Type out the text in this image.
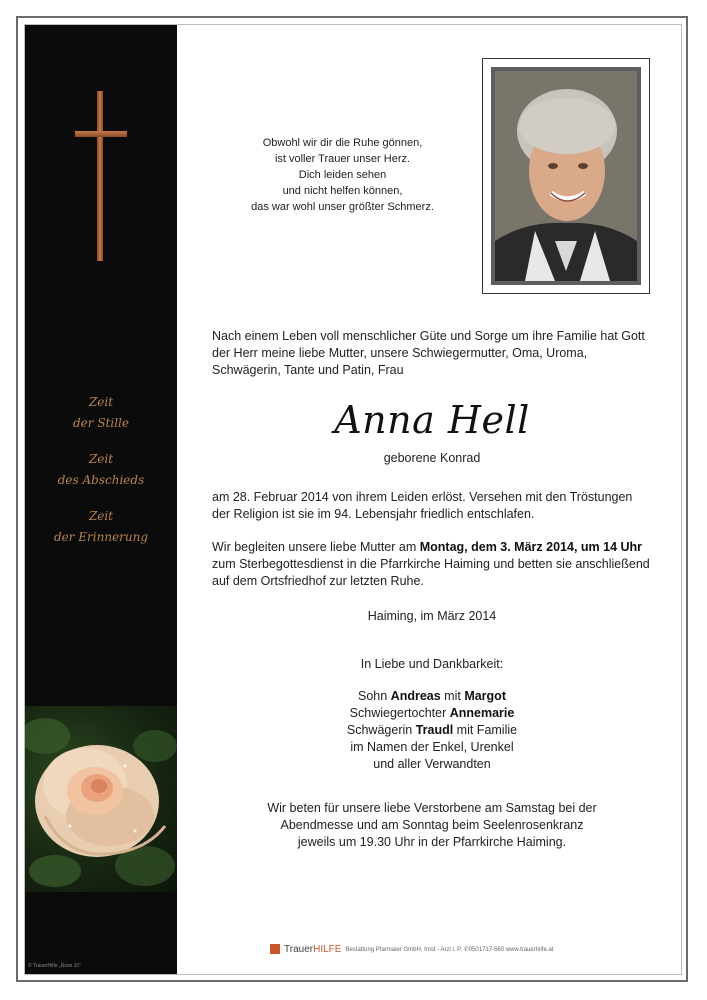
Zeit
der Stille
Zeit
des Abschieds
Zeit
der Erinnerung
© TrauerHilfe „Rose 10"
Obwohl wir dir die Ruhe gönnen,
ist voller Trauer unser Herz.
Dich leiden sehen
und nicht helfen können,
das war wohl unser größter Schmerz.
Nach einem Leben voll menschlicher Güte und Sorge um ihre Familie hat Gott der Herr meine liebe Mutter, unsere Schwiegermutter, Oma, Uroma, Schwägerin, Tante und Patin, Frau
Anna Hell
geborene Konrad
am 28. Februar 2014 von ihrem Leiden erlöst. Versehen mit den Tröstungen der Religion ist sie im 94. Lebensjahr friedlich entschlafen.
Wir begleiten unsere liebe Mutter am Montag, dem 3. März 2014, um 14 Uhr zum Sterbegottesdienst in die Pfarrkirche Haiming und betten sie anschließend auf dem Ortsfriedhof zur letzten Ruhe.
Haiming, im März 2014
In Liebe und Dankbarkeit:
Sohn Andreas mit Margot
Schwiegertochter Annemarie
Schwägerin Traudl mit Familie
im Namen der Enkel, Urenkel
und aller Verwandten
Wir beten für unsere liebe Verstorbene am Samstag bei der
Abendmesse und am Sonntag beim Seelenrosenkranz
jeweils um 19.30 Uhr in der Pfarrkirche Haiming.
TrauerHILFE Bestattung Pfarmaier GmbH, Imst - Arzl i. P. ✆0501717-560 www.trauerhilfe.at
